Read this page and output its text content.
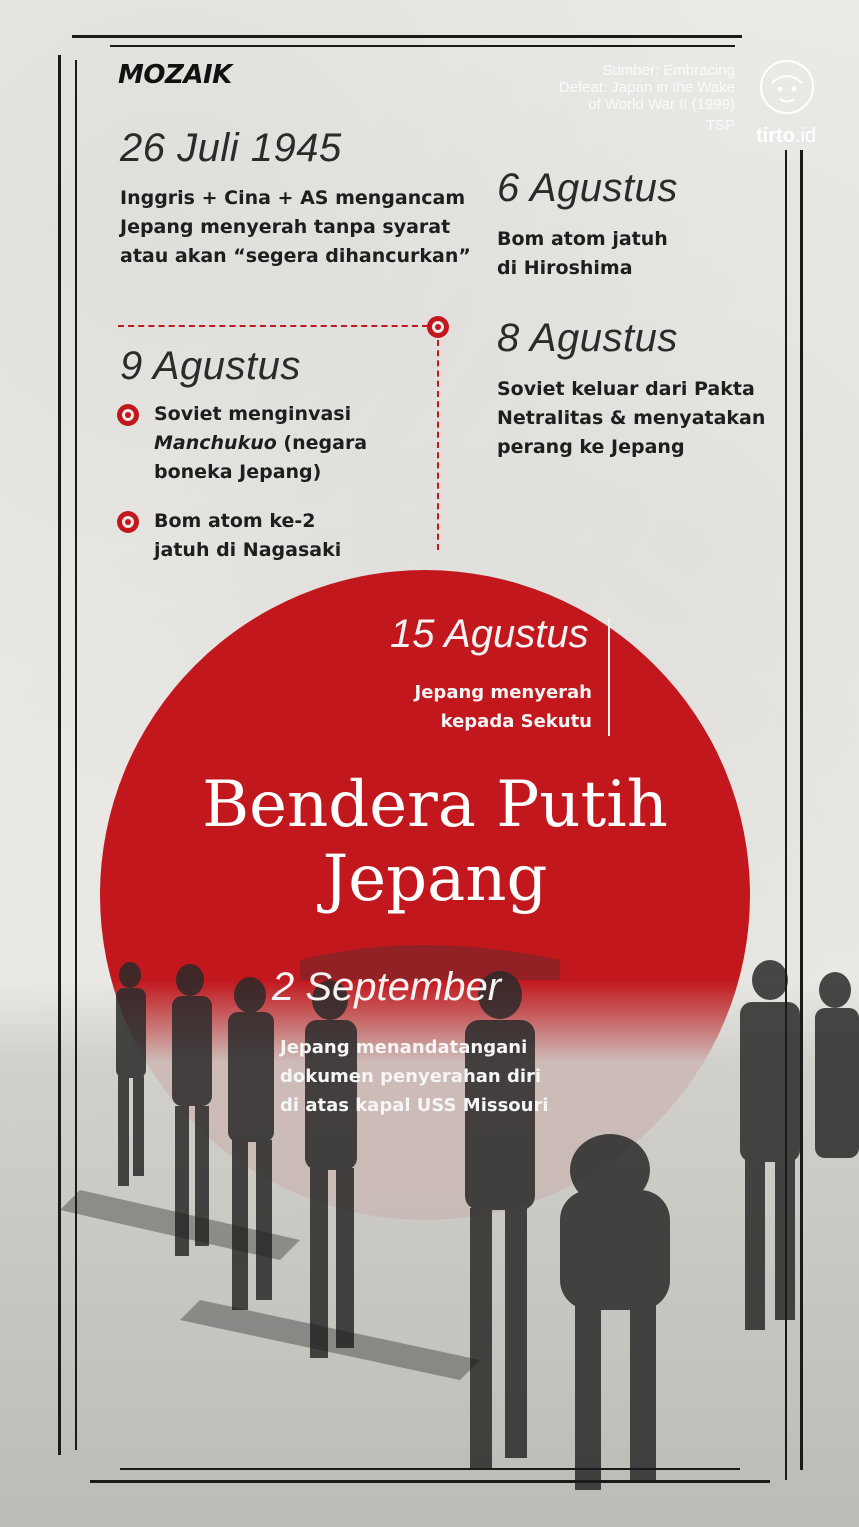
MOZAIK	Sumber: Embracing
Defeat: Japan in the Wake
of World War II (1999)
TSP tirto.id
26 Juli 1945
Inggris + Cina + AS mengancam
Jepang menyerah tanpa syarat
atau akan “segera dihancurkan”
6 Agustus
Bom atom jatuh
di Hiroshima
8 Agustus
Soviet keluar dari Pakta
Netralitas & menyatakan
perang ke Jepang
9 Agustus
Soviet menginvasi
Manchukuo (negara
boneka Jepang)
Bom atom ke-2
jatuh di Nagasaki
15 Agustus
Jepang menyerah
kepada Sekutu
Bendera Putih
Jepang
2 September
Jepang menandatangani
dokumen penyerahan diri
di atas kapal USS Missouri
